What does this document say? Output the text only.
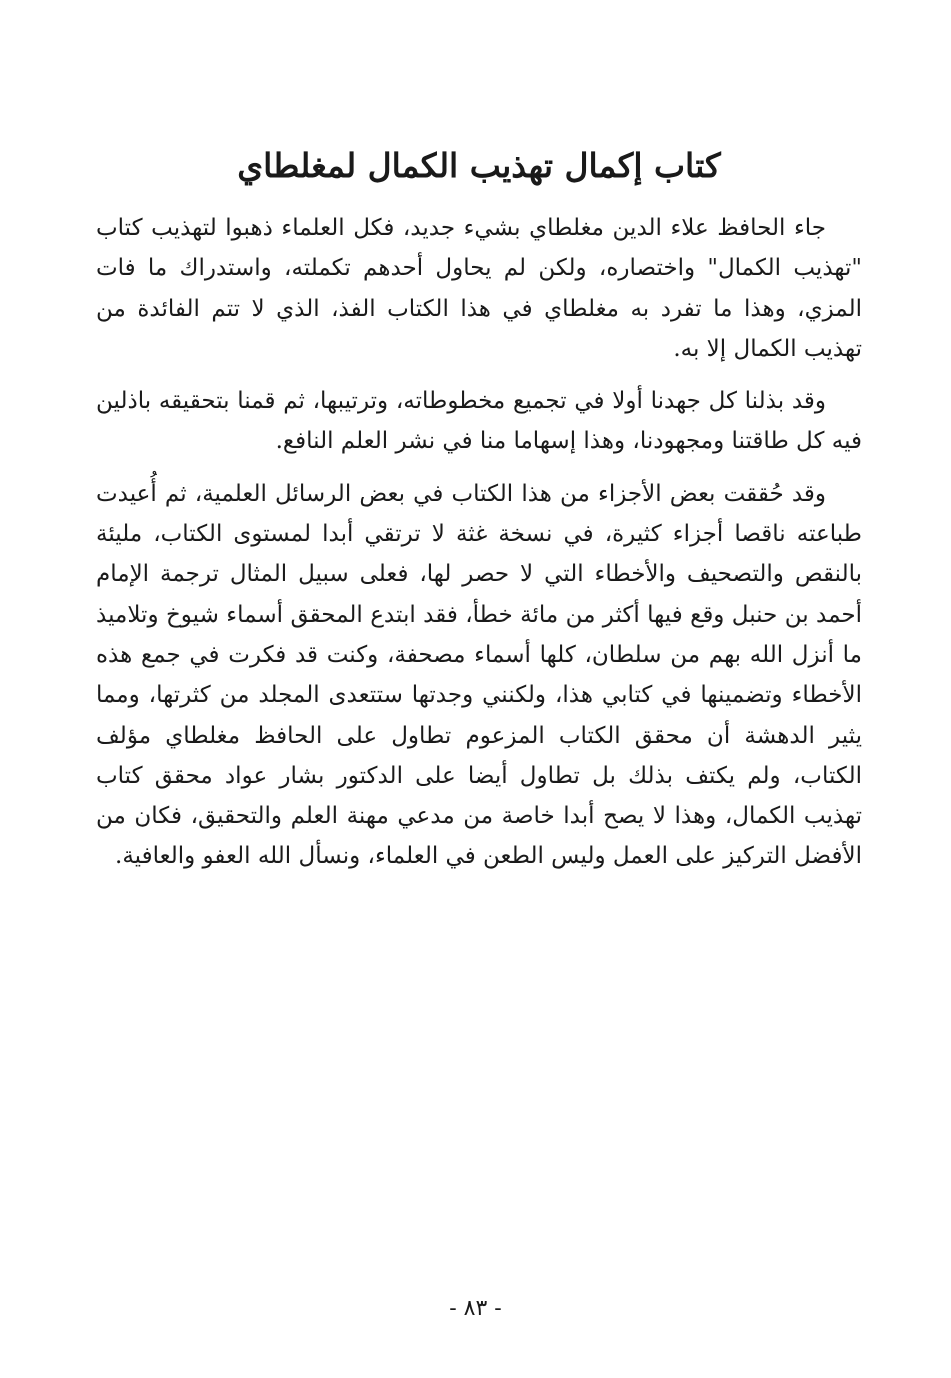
كتاب إكمال تهذيب الكمال لمغلطاي

جاء الحافظ علاء الدين مغلطاي بشيء جديد، فكل العلماء ذهبوا لتهذيب كتاب "تهذيب الكمال" واختصاره، ولكن لم يحاول أحدهم تكملته، واستدراك ما فات المزي، وهذا ما تفرد به مغلطاي في هذا الكتاب الفذ، الذي لا تتم الفائدة من تهذيب الكمال إلا به.

وقد بذلنا كل جهدنا أولا في تجميع مخطوطاته، وترتيبها، ثم قمنا بتحقيقه باذلين فيه كل طاقتنا ومجهودنا، وهذا إسهاما منا في نشر العلم النافع.

وقد حُققت بعض الأجزاء من هذا الكتاب في بعض الرسائل العلمية، ثم أُعيدت طباعته ناقصا أجزاء كثيرة، في نسخة غثة لا ترتقي أبدا لمستوى الكتاب، مليئة بالنقص والتصحيف والأخطاء التي لا حصر لها، فعلى سبيل المثال ترجمة الإمام أحمد بن حنبل وقع فيها أكثر من مائة خطأ، فقد ابتدع المحقق أسماء شيوخ وتلاميذ ما أنزل الله بهم من سلطان، كلها أسماء مصحفة، وكنت قد فكرت في جمع هذه الأخطاء وتضمينها في كتابي هذا، ولكنني وجدتها ستتعدى المجلد من كثرتها، ومما يثير الدهشة أن محقق الكتاب المزعوم تطاول على الحافظ مغلطاي مؤلف الكتاب، ولم يكتف بذلك بل تطاول أيضا على الدكتور بشار عواد محقق كتاب تهذيب الكمال، وهذا لا يصح أبدا خاصة من مدعي مهنة العلم والتحقيق، فكان من الأفضل التركيز على العمل وليس الطعن في العلماء، ونسأل الله العفو والعافية.

- ٨٣ -
